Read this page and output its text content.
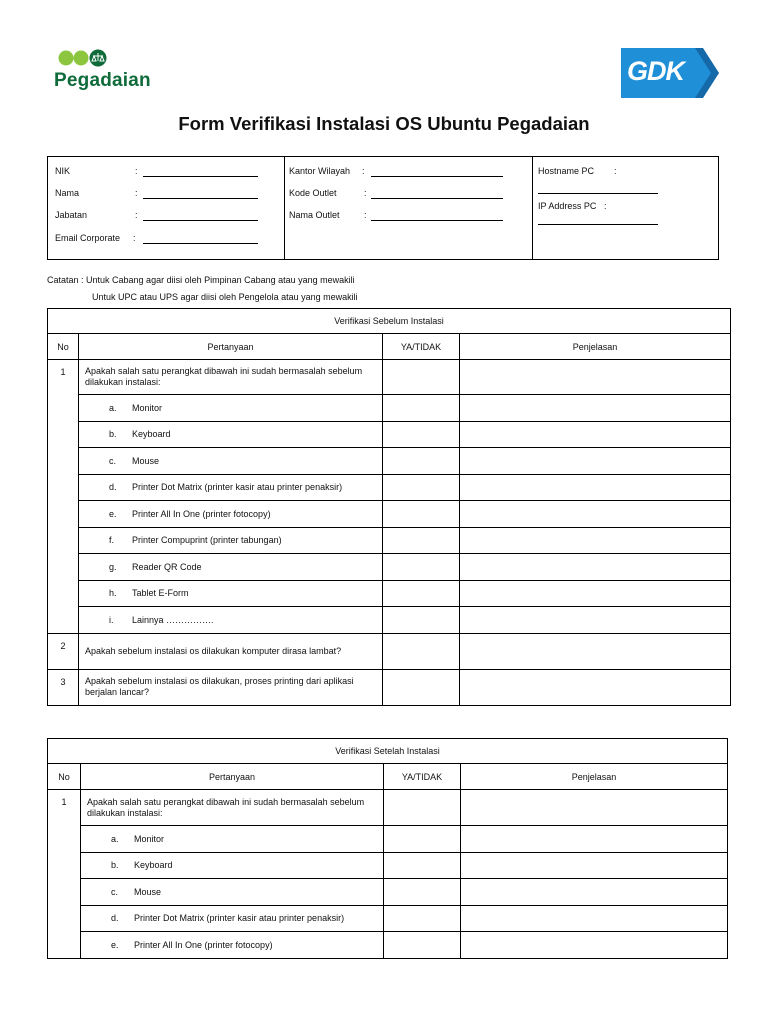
Pegadaian	GDK
Form Verifikasi Instalasi OS Ubuntu Pegadaian
NIK	:
Nama	:
Jabatan	:
Email Corporate :
Kantor Wilayah :
Kode Outlet	:
Nama Outlet	:
Hostname PC :
IP Address PC :
Catatan : Untuk Cabang agar diisi oleh Pimpinan Cabang atau yang mewakili
Untuk UPC atau UPS agar diisi oleh Pengelola atau yang mewakili
Verifikasi Sebelum Instalasi			
No	Pertanyaan	YA/TIDAK	Penjelasan
1	Apakah salah satu perangkat dibawah ini sudah bermasalah sebelum dilakukan instalasi:		
	a. Monitor		
	b. Keyboard		
	c. Mouse		
	d. Printer Dot Matrix (printer kasir atau printer penaksir)		
	e. Printer All In One (printer fotocopy)		
	f. Printer Compuprint (printer tabungan)		
	g. Reader QR Code		
	h. Tablet E-Form		
	i. Lainnya …………….		
2	Apakah sebelum instalasi os dilakukan komputer dirasa lambat?		
3	Apakah sebelum instalasi os dilakukan, proses printing dari aplikasi berjalan lancar?		
Verifikasi Setelah Instalasi			
No	Pertanyaan	YA/TIDAK	Penjelasan
1	Apakah salah satu perangkat dibawah ini sudah bermasalah sebelum dilakukan instalasi:		
	a. Monitor		
	b. Keyboard		
	c. Mouse		
	d. Printer Dot Matrix (printer kasir atau printer penaksir)		
	e. Printer All In One (printer fotocopy)		
